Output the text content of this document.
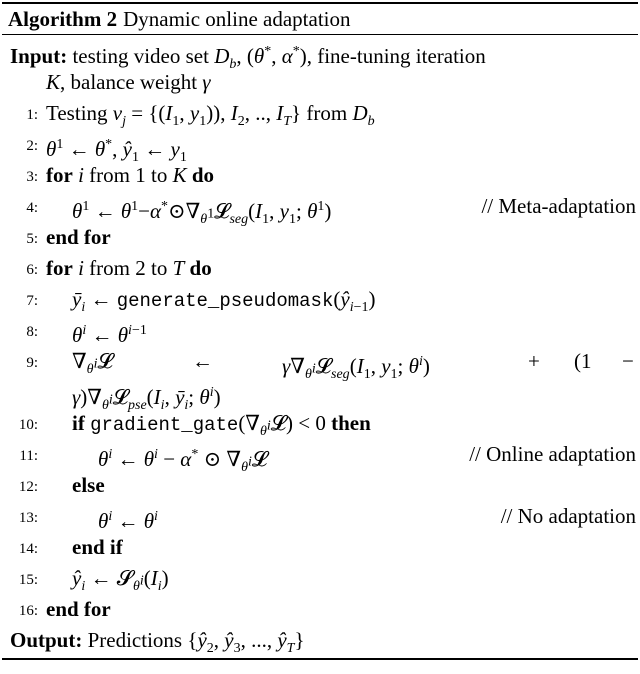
Algorithm 2 Dynamic online adaptation
Input: testing video set $D_b$, (θ*, α*), fine-tuning iteration
K, balance weight γ
1: Testing $v_j = \{(I_1$, $y_1$)), $I_2$, .., $I_T$} from $D_b$
2: $\theta^1$ ← θ*, $ŷ_1$ ← $y_1$
3: for i from 1 to K do
4: $\theta^1$ ← $\theta^1-\alpha^*⊙\nabla_{\theta^1}𝓛_{seg}(I_1$, $y_1$; $\theta^1$)	// Meta-adaptation
5: end for
6: for i from 2 to T do
7: $ȳ_i$ ← $generate\_pseudomask(ŷ_{i-1})$
8: $\theta^i$ ← $\theta^{i-1}$
9: $\nabla_{\theta^i}𝓛$	←	$\gamma\nabla_{\theta^i}𝓛_{seg}(I_1$, $y_1$; $\theta^i$)	+ (1 −
$\gamma)\nabla_{\theta^i}𝓛_{pse}(I_i$, $ȳ_i$; $\theta^i$)
10: if $gradient\_gate(\nabla_{\theta^i}𝓛) < 0$ then
11:	$\theta^i$ ← $\theta^i - \alpha^*$ ⊙ $\nabla_{\theta^i}𝓛$	// Online adaptation
12: else
13:	$\theta^i$ ← $\theta^i$	// No adaptation
14: end if
15: $ŷ_i$ ← $𝓢_{\theta^i}(I_i)$
16: end for
Output: Predictions {$ŷ_2$, $ŷ_3$, ..., $ŷ_T$}
